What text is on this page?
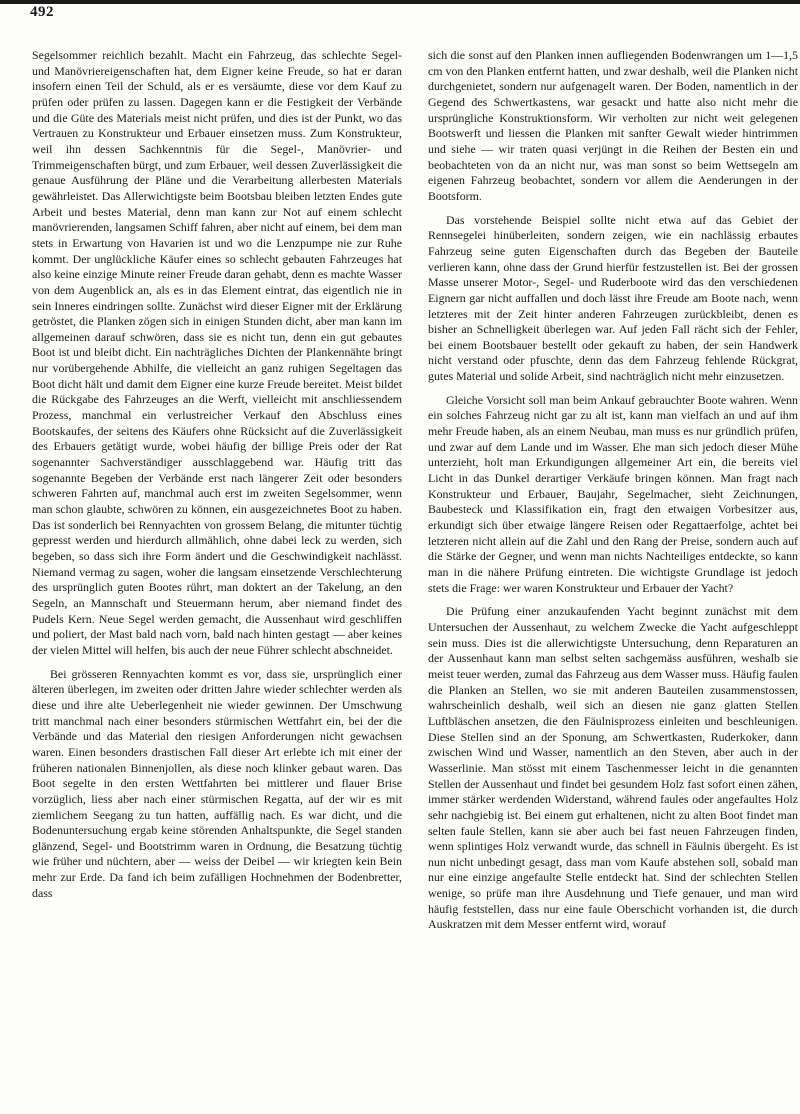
492

Segelsommer reichlich bezahlt. Macht ein Fahrzeug, das schlechte Segel- und Manövriereigenschaften hat, dem Eigner keine Freude, so hat er daran insofern einen Teil der Schuld, als er es versäumte, diese vor dem Kauf zu prüfen oder prüfen zu lassen. Dagegen kann er die Festigkeit der Verbände und die Güte des Materials meist nicht prüfen, und dies ist der Punkt, wo das Vertrauen zu Konstrukteur und Erbauer einsetzen muss. Zum Konstrukteur, weil ihn dessen Sachkenntnis für die Segel-, Manövrier- und Trimmeigenschaften bürgt, und zum Erbauer, weil dessen Zuverlässigkeit die genaue Ausführung der Pläne und die Verarbeitung allerbesten Materials gewährleistet. Das Allerwichtigste beim Bootsbau bleiben letzten Endes gute Arbeit und bestes Material, denn man kann zur Not auf einem schlecht manövrierenden, langsamen Schiff fahren, aber nicht auf einem, bei dem man stets in Erwartung von Havarien ist und wo die Lenzpumpe nie zur Ruhe kommt. Der unglückliche Käufer eines so schlecht gebauten Fahrzeuges hat also keine einzige Minute reiner Freude daran gehabt, denn es machte Wasser von dem Augenblick an, als es in das Element eintrat, das eigentlich nie in sein Inneres eindringen sollte. Zunächst wird dieser Eigner mit der Erklärung getröstet, die Planken zögen sich in einigen Stunden dicht, aber man kann im allgemeinen darauf schwören, dass sie es nicht tun, denn ein gut gebautes Boot ist und bleibt dicht. Ein nachträgliches Dichten der Plankennähte bringt nur vorübergehende Abhilfe, die vielleicht an ganz ruhigen Segeltagen das Boot dicht hält und damit dem Eigner eine kurze Freude bereitet. Meist bildet die Rückgabe des Fahrzeuges an die Werft, vielleicht mit anschliessendem Prozess, manchmal ein verlustreicher Verkauf den Abschluss eines Bootskaufes, der seitens des Käufers ohne Rücksicht auf die Zuverlässigkeit des Erbauers getätigt wurde, wobei häufig der billige Preis oder der Rat sogenannter Sachverständiger ausschlaggebend war. Häufig tritt das sogenannte Begeben der Verbände erst nach längerer Zeit oder besonders schweren Fahrten auf, manchmal auch erst im zweiten Segelsommer, wenn man schon glaubte, schwören zu können, ein ausgezeichnetes Boot zu haben. Das ist sonderlich bei Rennyachten von grossem Belang, die mitunter tüchtig gepresst werden und hierdurch allmählich, ohne dabei leck zu werden, sich begeben, so dass sich ihre Form ändert und die Geschwindigkeit nachlässt. Niemand vermag zu sagen, woher die langsam einsetzende Verschlechterung des ursprünglich guten Bootes rührt, man doktert an der Takelung, an den Segeln, an Mannschaft und Steuermann herum, aber niemand findet des Pudels Kern. Neue Segel werden gemacht, die Aussenhaut wird geschliffen und poliert, der Mast bald nach vorn, bald nach hinten gestagt — aber keines der vielen Mittel will helfen, bis auch der neue Führer schlecht abschneidet.

Bei grösseren Rennyachten kommt es vor, dass sie, ursprünglich einer älteren überlegen, im zweiten oder dritten Jahre wieder schlechter werden als diese und ihre alte Ueberlegenheit nie wieder gewinnen. Der Umschwung tritt manchmal nach einer besonders stürmischen Wettfahrt ein, bei der die Verbände und das Material den riesigen Anforderungen nicht gewachsen waren. Einen besonders drastischen Fall dieser Art erlebte ich mit einer der früheren nationalen Binnenjollen, als diese noch klinker gebaut waren. Das Boot segelte in den ersten Wettfahrten bei mittlerer und flauer Brise vorzüglich, liess aber nach einer stürmischen Regatta, auf der wir es mit ziemlichem Seegang zu tun hatten, auffällig nach. Es war dicht, und die Bodenuntersuchung ergab keine störenden Anhaltspunkte, die Segel standen glänzend, Segel- und Bootstrimm waren in Ordnung, die Besatzung tüchtig wie früher und nüchtern, aber — weiss der Deibel — wir kriegten kein Bein mehr zur Erde. Da fand ich beim zufälligen Hochnehmen der Bodenbretter, dass

sich die sonst auf den Planken innen aufliegenden Bodenwrangen um 1—1,5 cm von den Planken entfernt hatten, und zwar deshalb, weil die Planken nicht durchgenietet, sondern nur aufgenagelt waren. Der Boden, namentlich in der Gegend des Schwertkastens, war gesackt und hatte also nicht mehr die ursprüngliche Konstruktionsform. Wir verholten zur nicht weit gelegenen Bootswerft und liessen die Planken mit sanfter Gewalt wieder hintrimmen und siehe — wir traten quasi verjüngt in die Reihen der Besten ein und beobachteten von da an nicht nur, was man sonst so beim Wettsegeln am eigenen Fahrzeug beobachtet, sondern vor allem die Aenderungen in der Bootsform.

Das vorstehende Beispiel sollte nicht etwa auf das Gebiet der Rennsegelei hinüberleiten, sondern zeigen, wie ein nachlässig erbautes Fahrzeug seine guten Eigenschaften durch das Begeben der Bauteile verlieren kann, ohne dass der Grund hierfür festzustellen ist. Bei der grossen Masse unserer Motor-, Segel- und Ruderboote wird das den verschiedenen Eignern gar nicht auffallen und doch lässt ihre Freude am Boote nach, wenn letzteres mit der Zeit hinter anderen Fahrzeugen zurückbleibt, denen es bisher an Schnelligkeit überlegen war. Auf jeden Fall rächt sich der Fehler, bei einem Bootsbauer bestellt oder gekauft zu haben, der sein Handwerk nicht verstand oder pfuschte, denn das dem Fahrzeug fehlende Rückgrat, gutes Material und solide Arbeit, sind nachträglich nicht mehr einzusetzen.

Gleiche Vorsicht soll man beim Ankauf gebrauchter Boote wahren. Wenn ein solches Fahrzeug nicht gar zu alt ist, kann man vielfach an und auf ihm mehr Freude haben, als an einem Neubau, man muss es nur gründlich prüfen, und zwar auf dem Lande und im Wasser. Ehe man sich jedoch dieser Mühe unterzieht, holt man Erkundigungen allgemeiner Art ein, die bereits viel Licht in das Dunkel derartiger Verkäufe bringen können. Man fragt nach Konstrukteur und Erbauer, Baujahr, Segelmacher, sieht Zeichnungen, Baubesteck und Klassifikation ein, fragt den etwaigen Vorbesitzer aus, erkundigt sich über etwaige längere Reisen oder Regattaerfolge, achtet bei letzteren nicht allein auf die Zahl und den Rang der Preise, sondern auch auf die Stärke der Gegner, und wenn man nichts Nachteiliges entdeckte, so kann man in die nähere Prüfung eintreten. Die wichtigste Grundlage ist jedoch stets die Frage: wer waren Konstrukteur und Erbauer der Yacht?

Die Prüfung einer anzukaufenden Yacht beginnt zunächst mit dem Untersuchen der Aussenhaut, zu welchem Zwecke die Yacht aufgeschleppt sein muss. Dies ist die allerwichtigste Untersuchung, denn Reparaturen an der Aussenhaut kann man selbst selten sachgemäss ausführen, weshalb sie meist teuer werden, zumal das Fahrzeug aus dem Wasser muss. Häufig faulen die Planken an Stellen, wo sie mit anderen Bauteilen zusammenstossen, wahrscheinlich deshalb, weil sich an diesen nie ganz glatten Stellen Luftbläschen ansetzen, die den Fäulnisprozess einleiten und beschleunigen. Diese Stellen sind an der Sponung, am Schwertkasten, Ruderkoker, dann zwischen Wind und Wasser, namentlich an den Steven, aber auch in der Wasserlinie. Man stösst mit einem Taschenmesser leicht in die genannten Stellen der Aussenhaut und findet bei gesundem Holz fast sofort einen zähen, immer stärker werdenden Widerstand, während faules oder angefaultes Holz sehr nachgiebig ist. Bei einem gut erhaltenen, nicht zu alten Boot findet man selten faule Stellen, kann sie aber auch bei fast neuen Fahrzeugen finden, wenn splintiges Holz verwandt wurde, das schnell in Fäulnis übergeht. Es ist nun nicht unbedingt gesagt, dass man vom Kaufe abstehen soll, sobald man nur eine einzige angefaulte Stelle entdeckt hat. Sind der schlechten Stellen wenige, so prüfe man ihre Ausdehnung und Tiefe genauer, und man wird häufig feststellen, dass nur eine faule Oberschicht vorhanden ist, die durch Auskratzen mit dem Messer entfernt wird, worauf
